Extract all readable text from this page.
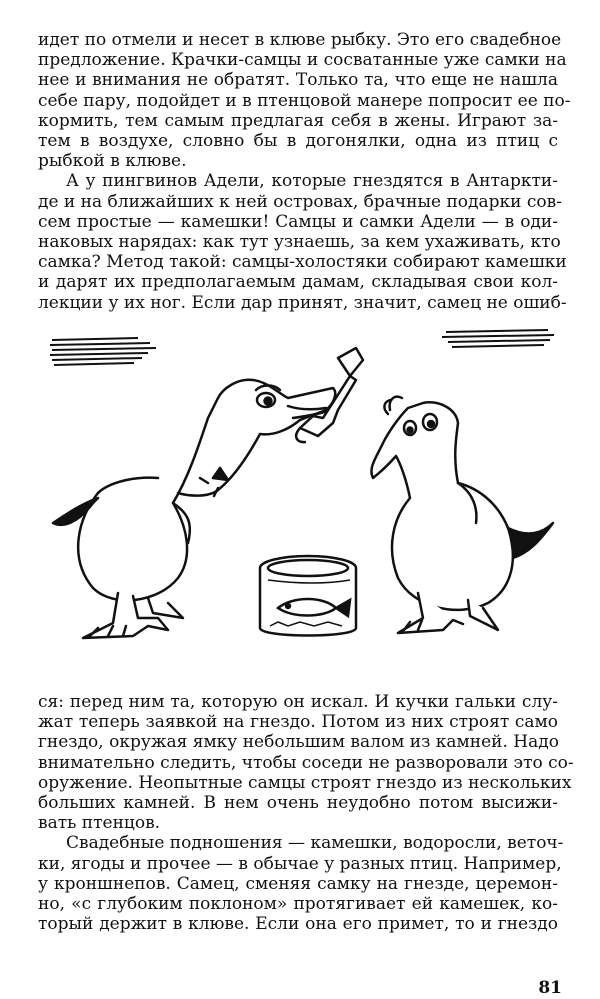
идет по отмели и несет в клюве рыбку. Это его свадебное
предложение. Крачки-самцы и сосватанные уже самки на
нее и внимания не обратят. Только та, что еще не нашла
себе пару, подойдет и в птенцовой манере попросит ее по-
кормить, тем самым предлагая себя в жены. Играют за-
тем в воздухе, словно бы в догонялки, одна из птиц с
рыбкой в клюве.
А у пингвинов Адели, которые гнездятся в Антаркти-
де и на ближайших к ней островах, брачные подарки сов-
сем простые — камешки! Самцы и самки Адели — в оди-
наковых нарядах: как тут узнаешь, за кем ухаживать, кто
самка? Метод такой: самцы-холостяки собирают камешки
и дарят их предполагаемым дамам, складывая свои кол-
лекции у их ног. Если дар принят, значит, самец не ошиб-
ся: перед ним та, которую он искал. И кучки гальки слу-
жат теперь заявкой на гнездо. Потом из них строят само
гнездо, окружая ямку небольшим валом из камней. Надо
внимательно следить, чтобы соседи не разворовали это со-
оружение. Неопытные самцы строят гнездо из нескольких
больших камней. В нем очень неудобно потом высижи-
вать птенцов.
Свадебные подношения — камешки, водоросли, веточ-
ки, ягоды и прочее — в обычае у разных птиц. Например,
у кроншнепов. Самец, сменяя самку на гнезде, церемон-
но, «с глубоким поклоном» протягивает ей камешек, ко-
торый держит в клюве. Если она его примет, то и гнездо
81
